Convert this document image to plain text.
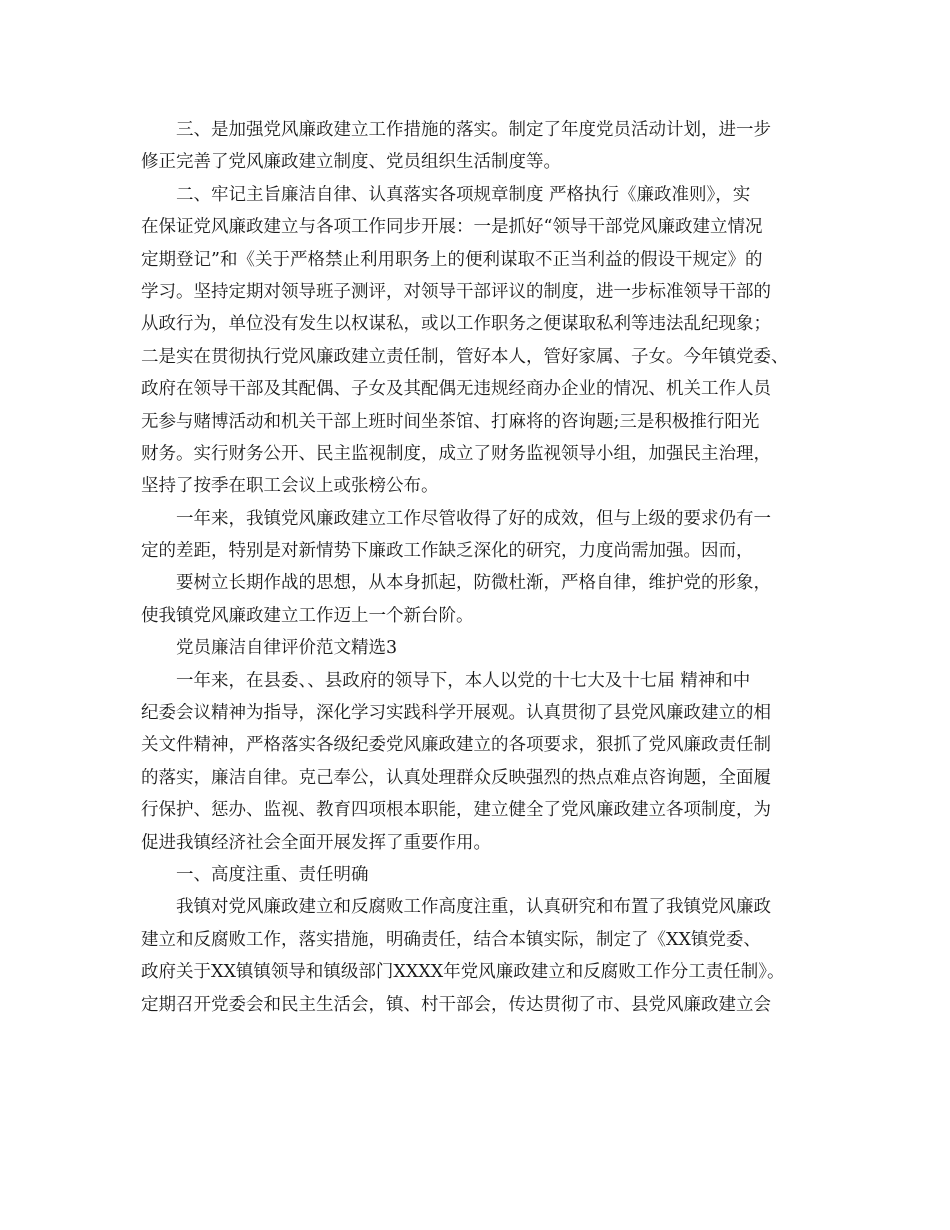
三、是加强党风廉政建立工作措施的落实。制定了年度党员活动计划，进一步
修正完善了党风廉政建立制度、党员组织生活制度等。
二、牢记主旨廉洁自律、认真落实各项规章制度 严格执行《廉政准则》，实
在保证党风廉政建立与各项工作同步开展：一是抓好“领导干部党风廉政建立情况
定期登记”和《关于严格禁止利用职务上的便利谋取不正当利益的假设干规定》的
学习。坚持定期对领导班子测评，对领导干部评议的制度，进一步标准领导干部的
从政行为，单位没有发生以权谋私，或以工作职务之便谋取私利等违法乱纪现象；
二是实在贯彻执行党风廉政建立责任制，管好本人，管好家属、子女。今年镇党委、
政府在领导干部及其配偶、子女及其配偶无违规经商办企业的情况、机关工作人员
无参与赌博活动和机关干部上班时间坐茶馆、打麻将的咨询题;三是积极推行阳光
财务。实行财务公开、民主监视制度，成立了财务监视领导小组，加强民主治理，
坚持了按季在职工会议上或张榜公布。
一年来，我镇党风廉政建立工作尽管收得了好的成效，但与上级的要求仍有一
定的差距，特别是对新情势下廉政工作缺乏深化的研究，力度尚需加强。因而，
要树立长期作战的思想，从本身抓起，防微杜渐，严格自律，维护党的形象，
使我镇党风廉政建立工作迈上一个新台阶。
党员廉洁自律评价范文精选3
一年来，在县委、、县政府的领导下，本人以党的十七大及十七届 精神和中
纪委会议精神为指导，深化学习实践科学开展观。认真贯彻了县党风廉政建立的相
关文件精神，严格落实各级纪委党风廉政建立的各项要求，狠抓了党风廉政责任制
的落实，廉洁自律。克己奉公，认真处理群众反映强烈的热点难点咨询题，全面履
行保护、惩办、监视、教育四项根本职能，建立健全了党风廉政建立各项制度，为
促进我镇经济社会全面开展发挥了重要作用。
一、高度注重、责任明确
我镇对党风廉政建立和反腐败工作高度注重，认真研究和布置了我镇党风廉政
建立和反腐败工作，落实措施，明确责任，结合本镇实际，制定了《XX镇党委、
政府关于XX镇镇领导和镇级部门XXXX年党风廉政建立和反腐败工作分工责任制》。
定期召开党委会和民主生活会，镇、村干部会，传达贯彻了市、县党风廉政建立会
